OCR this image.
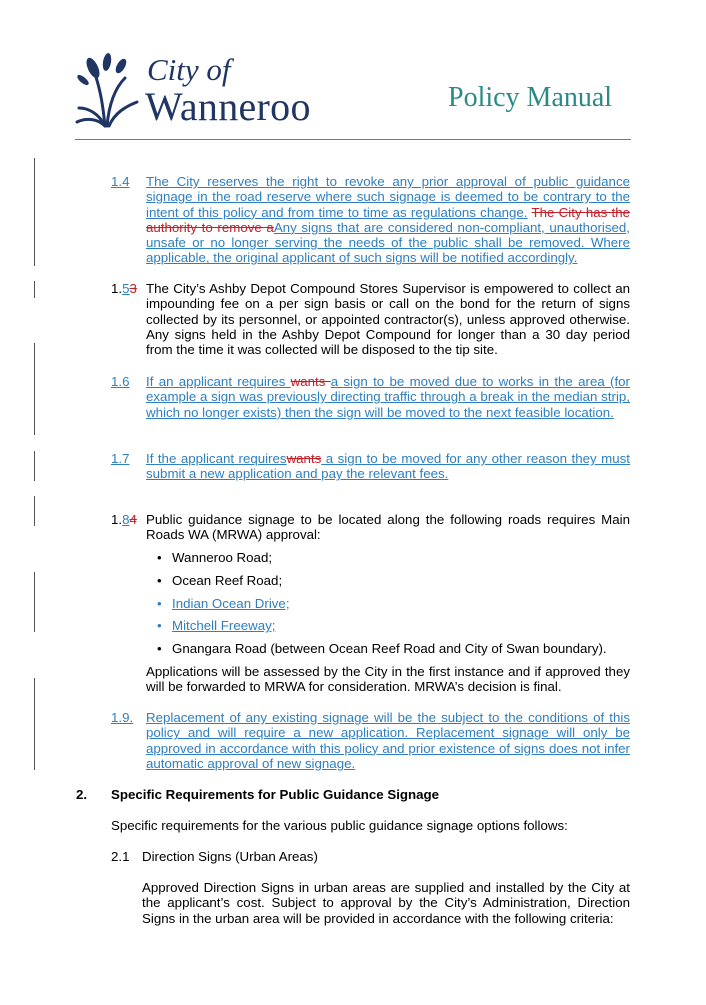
City of
Wanneroo	Policy Manual
1.4 The City reserves the right to revoke any prior approval of public guidance signage in the road reserve where such signage is deemed to be contrary to the intent of this policy and from time to time as regulations change. The City has the authority to remove aAny signs that are considered non-compliant, unauthorised, unsafe or no longer serving the needs of the public shall be removed. Where applicable, the original applicant of such signs will be notified accordingly.
1.53 The City’s Ashby Depot Compound Stores Supervisor is empowered to collect an impounding fee on a per sign basis or call on the bond for the return of signs collected by its personnel, or appointed contractor(s), unless approved otherwise. Any signs held in the Ashby Depot Compound for longer than a 30 day period from the time it was collected will be disposed to the tip site.
1.6 If an applicant requires wants a sign to be moved due to works in the area (for example a sign was previously directing traffic through a break in the median strip, which no longer exists) then the sign will be moved to the next feasible location.
1.7 If the applicant requireswants a sign to be moved for any other reason they must submit a new application and pay the relevant fees.
1.84 Public guidance signage to be located along the following roads requires Main Roads WA (MRWA) approval:
• Wanneroo Road;
• Ocean Reef Road;
• Indian Ocean Drive;
• Mitchell Freeway;
• Gnangara Road (between Ocean Reef Road and City of Swan boundary).
Applications will be assessed by the City in the first instance and if approved they will be forwarded to MRWA for consideration. MRWA’s decision is final.
1.9. Replacement of any existing signage will be the subject to the conditions of this policy and will require a new application. Replacement signage will only be approved in accordance with this policy and prior existence of signs does not infer automatic approval of new signage.
2. Specific Requirements for Public Guidance Signage
Specific requirements for the various public guidance signage options follows:
2.1 Direction Signs (Urban Areas)
Approved Direction Signs in urban areas are supplied and installed by the City at the applicant’s cost. Subject to approval by the City’s Administration, Direction Signs in the urban area will be provided in accordance with the following criteria:
